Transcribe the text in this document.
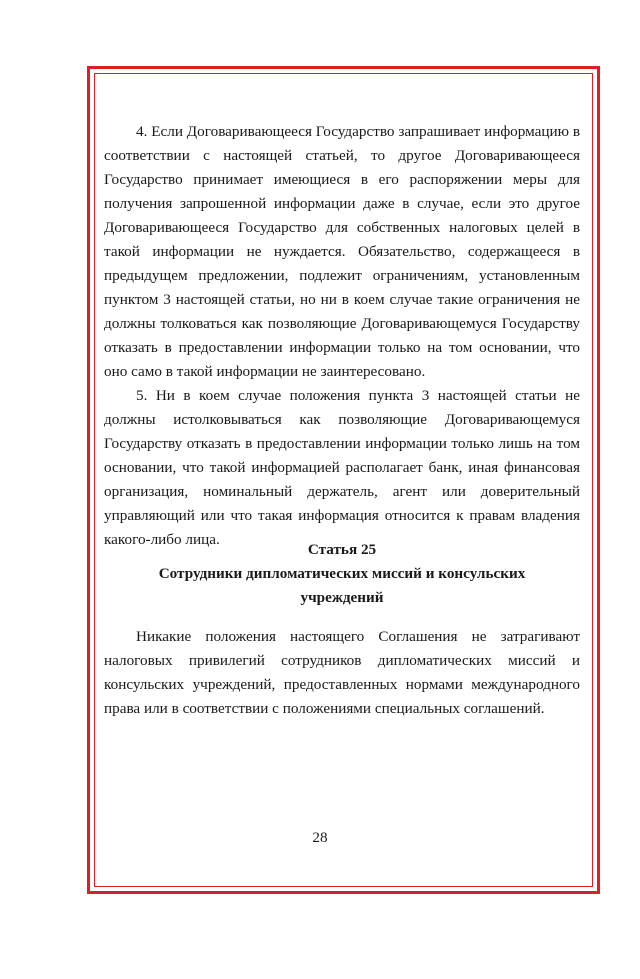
4. Если Договаривающееся Государство запрашивает информацию в соответствии с настоящей статьей, то другое Договаривающееся Государство принимает имеющиеся в его распоряжении меры для получения запрошенной информации даже в случае, если это другое Договаривающееся Государство для собственных налоговых целей в такой информации не нуждается. Обязательство, содержащееся в предыдущем предложении, подлежит ограничениям, установленным пунктом 3 настоящей статьи, но ни в коем случае такие ограничения не должны толковаться как позволяющие Договаривающемуся Государству отказать в предоставлении информации только на том основании, что оно само в такой информации не заинтересовано.

5. Ни в коем случае положения пункта 3 настоящей статьи не должны истолковываться как позволяющие Договаривающемуся Государству отказать в предоставлении информации только лишь на том основании, что такой информацией располагает банк, иная финансовая организация, номинальный держатель, агент или доверительный управляющий или что такая информация относится к правам владения какого-либо лица.

Статья 25

Сотрудники дипломатических миссий и консульских учреждений

Никакие положения настоящего Соглашения не затрагивают налоговых привилегий сотрудников дипломатических миссий и консульских учреждений, предоставленных нормами международного права или в соответствии с положениями специальных соглашений.

28
